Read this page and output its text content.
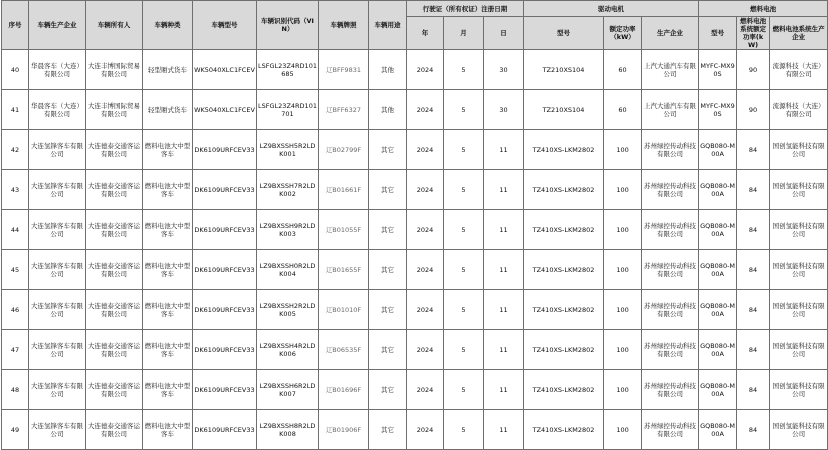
序号	车辆生产企业	车辆所有人	车辆种类	车辆型号	车辆识别代码（VIN）	车辆牌照	车辆用途	行驶证（所有权证）注册日期			驱动电机			燃料电池		
								年	月	日	型号	额定功率（kW）	生产企业	型号	燃料电池系统额定功率(kW)	燃料电池系统生产企业
40	华晨客车（大连）有限公司	大连丰博国际贸易有限公司	轻型厢式货车	WK5040XLC1FCEV	LSFGL23Z4RD101685	辽BFF9831	其他	2024	5	30	TZ210XS104	60	上汽大通汽车有限公司	MYFC-MX90S	90	流源科技（大连）有限公司
41	华晨客车（大连）有限公司	大连丰博国际贸易有限公司	轻型厢式货车	WK5040XLC1FCEV	LSFGL23Z4RD101701	辽BFF6327	其他	2024	5	30	TZ210XS104	60	上汽大通汽车有限公司	MYFC-MX90S	90	流源科技（大连）有限公司
42	大连氢锋客车有限公司	大连德泰交通客运有限公司	燃料电池大中型客车	DK6109URFCEV33	LZ9BXSSH5R2LDK001	辽B02799F	其它	2024	5	11	TZ410XS-LKM2802	100	苏州绿控传动科技有限公司	GQB080-M00A	84	国创氢能科技有限公司
43	大连氢锋客车有限公司	大连德泰交通客运有限公司	燃料电池大中型客车	DK6109URFCEV33	LZ9BXSSH7R2LDK002	辽B01661F	其它	2024	5	11	TZ410XS-LKM2802	100	苏州绿控传动科技有限公司	GQB080-M00A	84	国创氢能科技有限公司
44	大连氢锋客车有限公司	大连德泰交通客运有限公司	燃料电池大中型客车	DK6109URFCEV33	LZ9BXSSH9R2LDK003	辽B01055F	其它	2024	5	11	TZ410XS-LKM2802	100	苏州绿控传动科技有限公司	GQB080-M00A	84	国创氢能科技有限公司
45	大连氢锋客车有限公司	大连德泰交通客运有限公司	燃料电池大中型客车	DK6109URFCEV33	LZ9BXSSH0R2LDK004	辽B01655F	其它	2024	5	11	TZ410XS-LKM2802	100	苏州绿控传动科技有限公司	GQB080-M00A	84	国创氢能科技有限公司
46	大连氢锋客车有限公司	大连德泰交通客运有限公司	燃料电池大中型客车	DK6109URFCEV33	LZ9BXSSH2R2LDK005	辽B01010F	其它	2024	5	11	TZ410XS-LKM2802	100	苏州绿控传动科技有限公司	GQB080-M00A	84	国创氢能科技有限公司
47	大连氢锋客车有限公司	大连德泰交通客运有限公司	燃料电池大中型客车	DK6109URFCEV33	LZ9BXSSH4R2LDK006	辽B06535F	其它	2024	5	11	TZ410XS-LKM2802	100	苏州绿控传动科技有限公司	GQB080-M00A	84	国创氢能科技有限公司
48	大连氢锋客车有限公司	大连德泰交通客运有限公司	燃料电池大中型客车	DK6109URFCEV33	LZ9BXSSH6R2LDK007	辽B01696F	其它	2024	5	11	TZ410XS-LKM2802	100	苏州绿控传动科技有限公司	GQB080-M00A	84	国创氢能科技有限公司
49	大连氢锋客车有限公司	大连德泰交通客运有限公司	燃料电池大中型客车	DK6109URFCEV33	LZ9BXSSH8R2LDK008	辽B01906F	其它	2024	5	11	TZ410XS-LKM2802	100	苏州绿控传动科技有限公司	GQB080-M00A	84	国创氢能科技有限公司
